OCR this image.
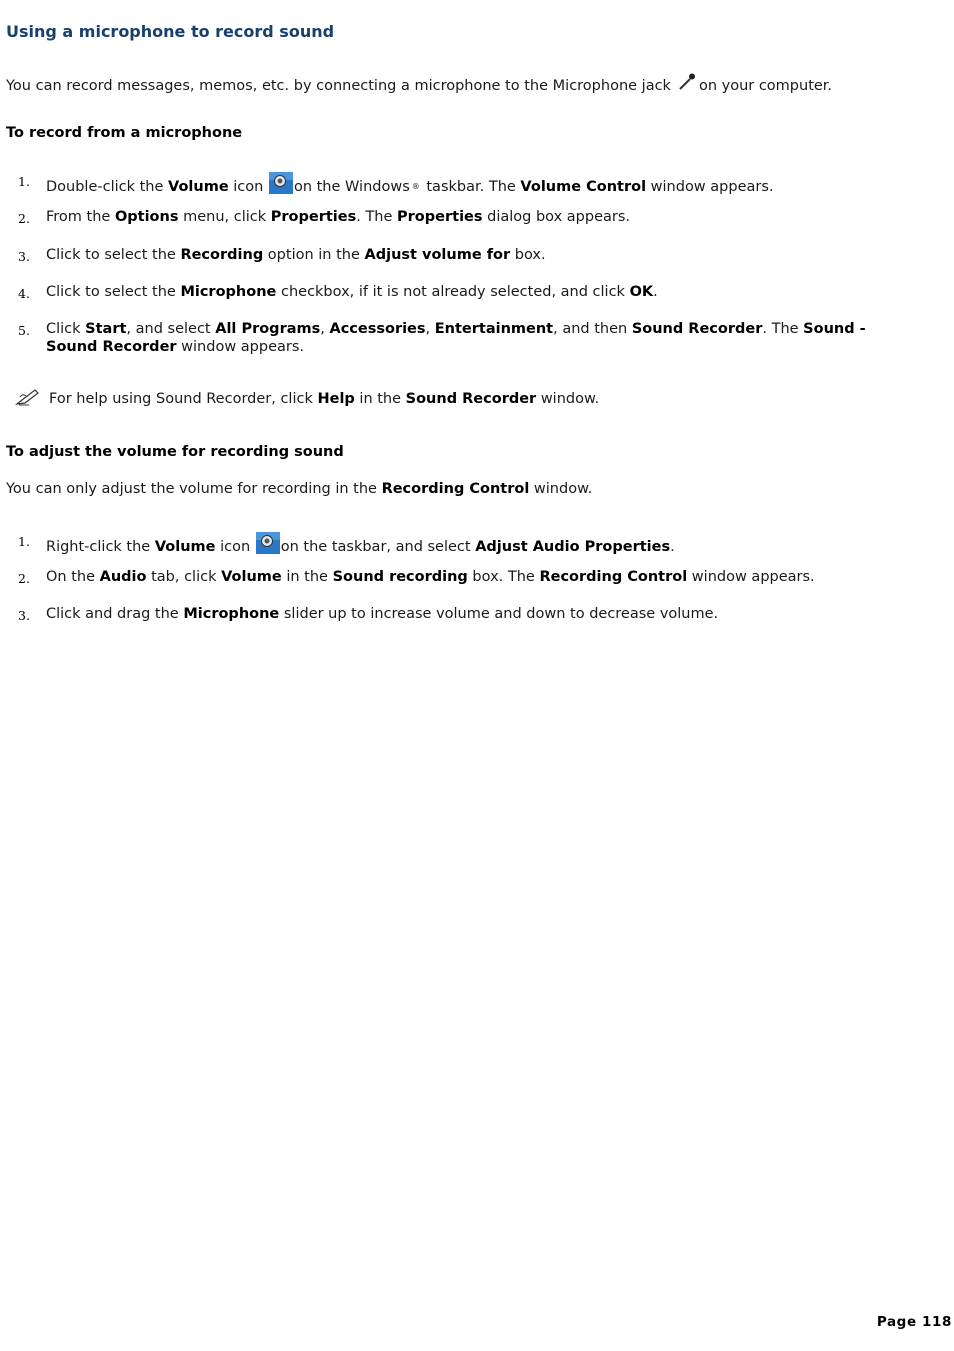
Using a microphone to record sound
You can record messages, memos, etc. by connecting a microphone to the Microphone jack on your computer.
To record from a microphone
1. Double-click the Volume icon on the Windows ® taskbar. The Volume Control window appears.
2. From the Options menu, click Properties. The Properties dialog box appears.
3. Click to select the Recording option in the Adjust volume for box.
4. Click to select the Microphone checkbox, if it is not already selected, and click OK.
5. Click Start, and select All Programs, Accessories, Entertainment, and then Sound Recorder. The Sound -
Sound Recorder window appears.
For help using Sound Recorder, click Help in the Sound Recorder window.
To adjust the volume for recording sound
You can only adjust the volume for recording in the Recording Control window.
1. Right-click the Volume icon on the taskbar, and select Adjust Audio Properties.
2. On the Audio tab, click Volume in the Sound recording box. The Recording Control window appears.
3. Click and drag the Microphone slider up to increase volume and down to decrease volume.
Page 118
